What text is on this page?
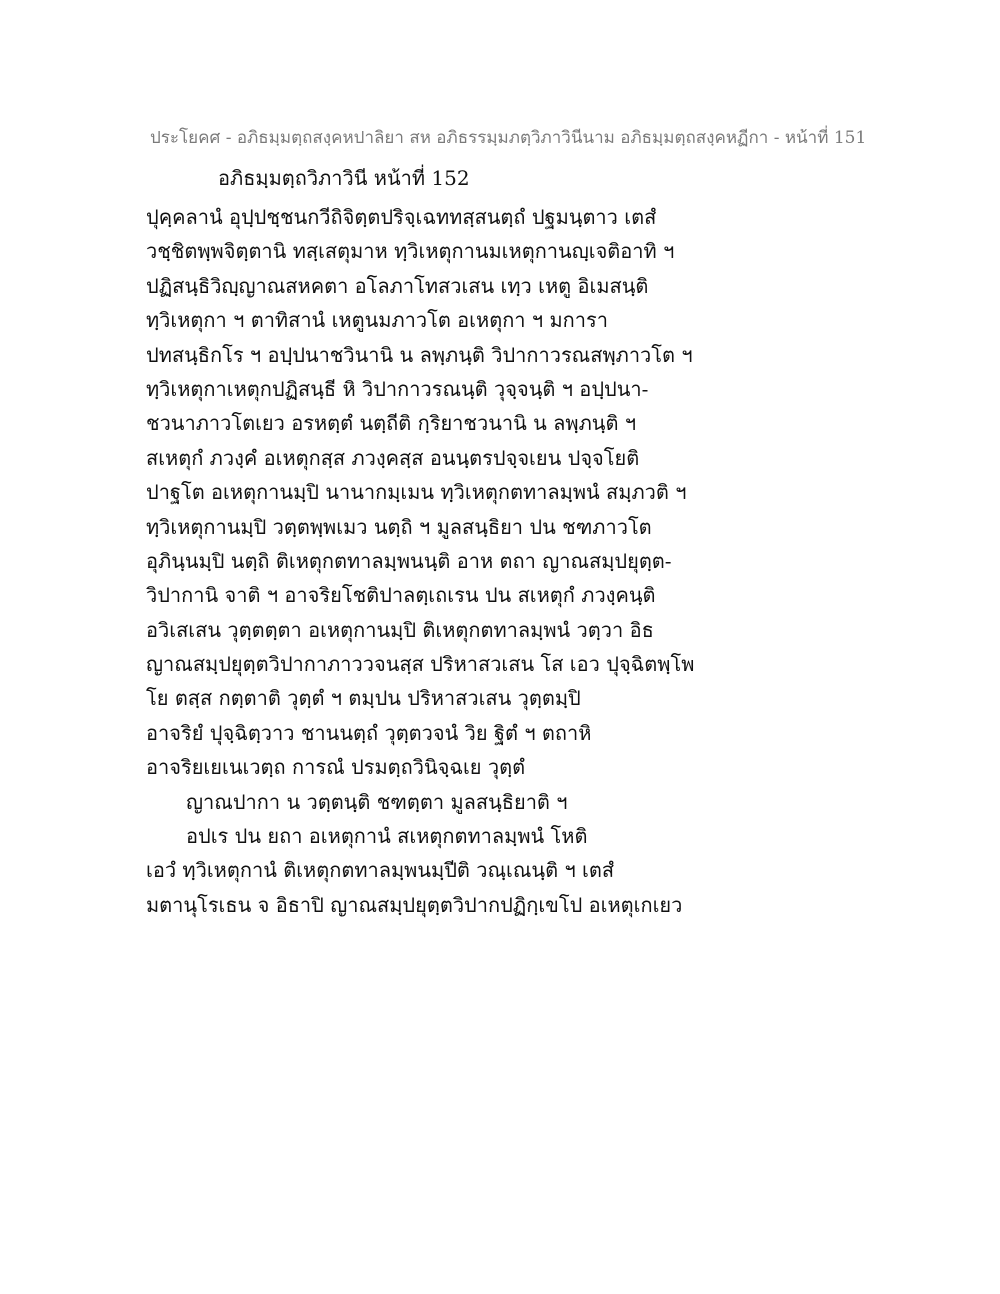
ประโยคศ - อภิธมฺมตฺถสงฺคหปาลิยา สห อภิธรรมฺมภตฺวิภาวินีนาม อภิธมฺมตฺถสงฺคหฏีกา - หน้าที่ 151
อภิธมฺมตฺถวิภาวินี หน้าที่ 152
ปุคฺคลานํ อุปฺปชฺชนกวีถิจิตฺตปริจฺเฉททสฺสนตฺถํ ปฐมนฺตาว เตสํ
วชฺชิตพฺพจิตฺตานิ ทสฺเสตุมาห ทฺวิเหตุกานมเหตุกานญฺเจติอาทิ ฯ
ปฏิสนฺธิวิญฺญาณสหคตา อโลภาโทสวเสน เทฺว เหตู อิเมสนฺติ
ทฺวิเหตุกา ฯ ตาทิสานํ เหตูนมภาวโต อเหตุกา ฯ มการา
ปทสนฺธิกโร ฯ อปฺปนาชวินานิ น ลพฺภนฺติ วิปากาวรณสพฺภาวโต ฯ
ทฺวิเหตุกาเหตุกปฏิสนฺธี หิ วิปากาวรณนฺติ วุจฺจนฺติ ฯ อปฺปนา-
ชวนาภาวโตเยว อรหตฺตํ นตฺถีติ กฺริยาชวนานิ น ลพฺภนฺติ ฯ
สเหตุกํ ภวงฺคํ อเหตุกสฺส ภวงฺคสฺส อนนฺตรปจฺจเยน ปจฺจโยติ
ปาฐโต อเหตุกานมฺปิ นานากมฺเมน ทฺวิเหตุกตทาลมฺพนํ สมฺภวติ ฯ
ทฺวิเหตุกานมฺปิ วตฺตพฺพเมว นตฺถิ ฯ มูลสนฺธิยา ปน ชฑภาวโต
อุภินฺนมฺปิ นตฺถิ ติเหตุกตทาลมฺพนนฺติ อาห ตถา ญาณสมฺปยุตฺต-
วิปากานิ จาติ ฯ อาจริยโชติปาลตฺเถเรน ปน สเหตุกํ ภวงฺคนฺติ
อวิเสเสน วุตฺตตฺตา อเหตุกานมฺปิ ติเหตุกตทาลมฺพนํ วตฺวา อิธ
ญาณสมฺปยุตฺตวิปากาภาววจนสฺส ปริหาสวเสน โส เอว ปุจฺฉิตพฺโพ
โย ตสฺส กตฺตาติ วุตฺตํ ฯ ตมฺปน ปริหาสวเสน วุตฺตมฺปิ
อาจริยํ ปุจฺฉิตฺวาว ชานนตฺถํ วุตฺตวจนํ วิย ฐิตํ ฯ ตถาหิ
อาจริยเยเนเวตฺถ การณํ ปรมตฺถวินิจฺฉเย วุตฺตํ
ญาณปากา น วตฺตนฺติ ชฑตฺตา มูลสนฺธิยาติ ฯ
อปเร ปน ยถา อเหตุกานํ สเหตุกตทาลมฺพนํ โหติ
เอวํ ทฺวิเหตุกานํ ติเหตุกตทาลมฺพนมฺปีติ วณฺเณนฺติ ฯ เตสํ
มตานุโรเธน จ อิธาปิ ญาณสมฺปยุตฺตวิปากปฏิกฺเขโป อเหตุเกเยว
